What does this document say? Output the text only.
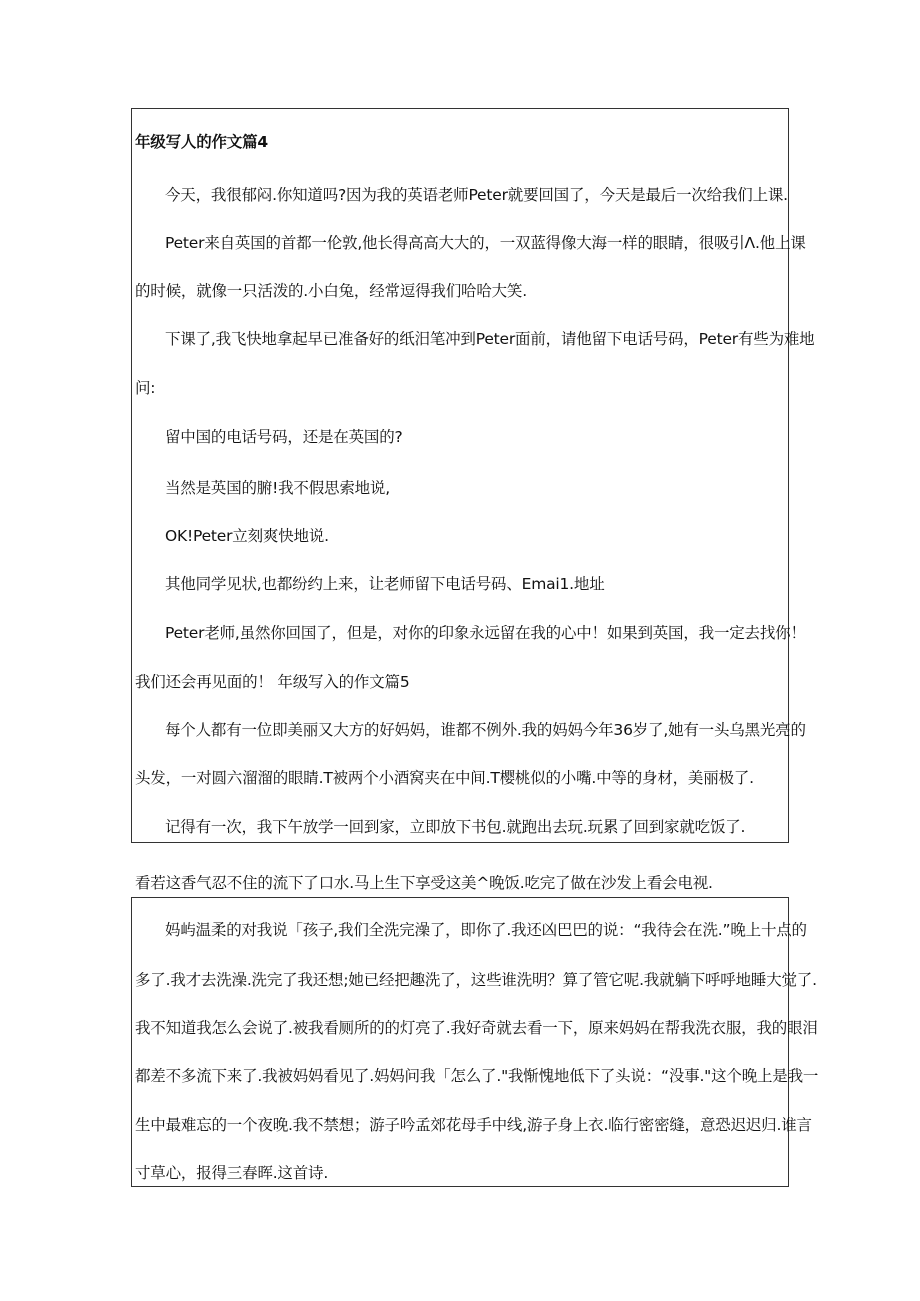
年级写人的作文篇4
今天，我很郁闷.你知道吗?因为我的英语老师Peter就要回国了，今天是最后一次给我们上课.
Peter来自英国的首都一伦敦,他长得高高大大的，一双蓝得像大海一样的眼睛，很吸引Λ.他上课
的时候，就像一只活泼的.小白兔，经常逗得我们哈哈大笑.
下课了,我飞快地拿起早已准备好的纸汨笔冲到Peter面前，请他留下电话号码，Peter有些为难地
问:
留中国的电话号码，还是在英国的?
当然是英国的腑!我不假思索地说,
OK!Peter立刻爽快地说.
其他同学见状,也都纷约上来，让老师留下电话号码、Emai1.地址
Peter老师,虽然你回国了，但是，对你的印象永远留在我的心中！如果到英国，我一定去找你！
我们还会再见面的！ 年级写入的作文篇5
每个人都有一位即美丽又大方的好妈妈，谁都不例外.我的妈妈今年36岁了,她有一头乌黑光亮的
头发，一对圆六溜溜的眼睛.T被两个小酒窝夹在中间.T樱桃似的小嘴.中等的身材，美丽极了.
记得有一次，我下午放学一回到家，立即放下书包.就跑出去玩.玩累了回到家就吃饭了.
看若这香气忍不住的流下了口水.马上生下享受这美^晚饭.吃完了做在沙发上看会电视.
妈屿温柔的对我说「孩子,我们全洗完澡了，即你了.我还凶巴巴的说：“我待会在洗.”晚上十点的
多了.我才去洗澡.洗完了我还想;她已经把趣洗了，这些谁洗明？算了管它呢.我就躺下呼呼地睡大觉了.
我不知道我怎么会说了.被我看厕所的的灯亮了.我好奇就去看一下，原来妈妈在帮我洗衣服，我的眼泪
都差不多流下来了.我被妈妈看见了.妈妈问我「怎么了."我惭愧地低下了头说：“没事."这个晚上是我一
生中最难忘的一个夜晚.我不禁想；游子吟孟郊花母手中线,游子身上衣.临行密密缝，意恐迟迟归.谁言
寸草心，报得三春晖.这首诗.
